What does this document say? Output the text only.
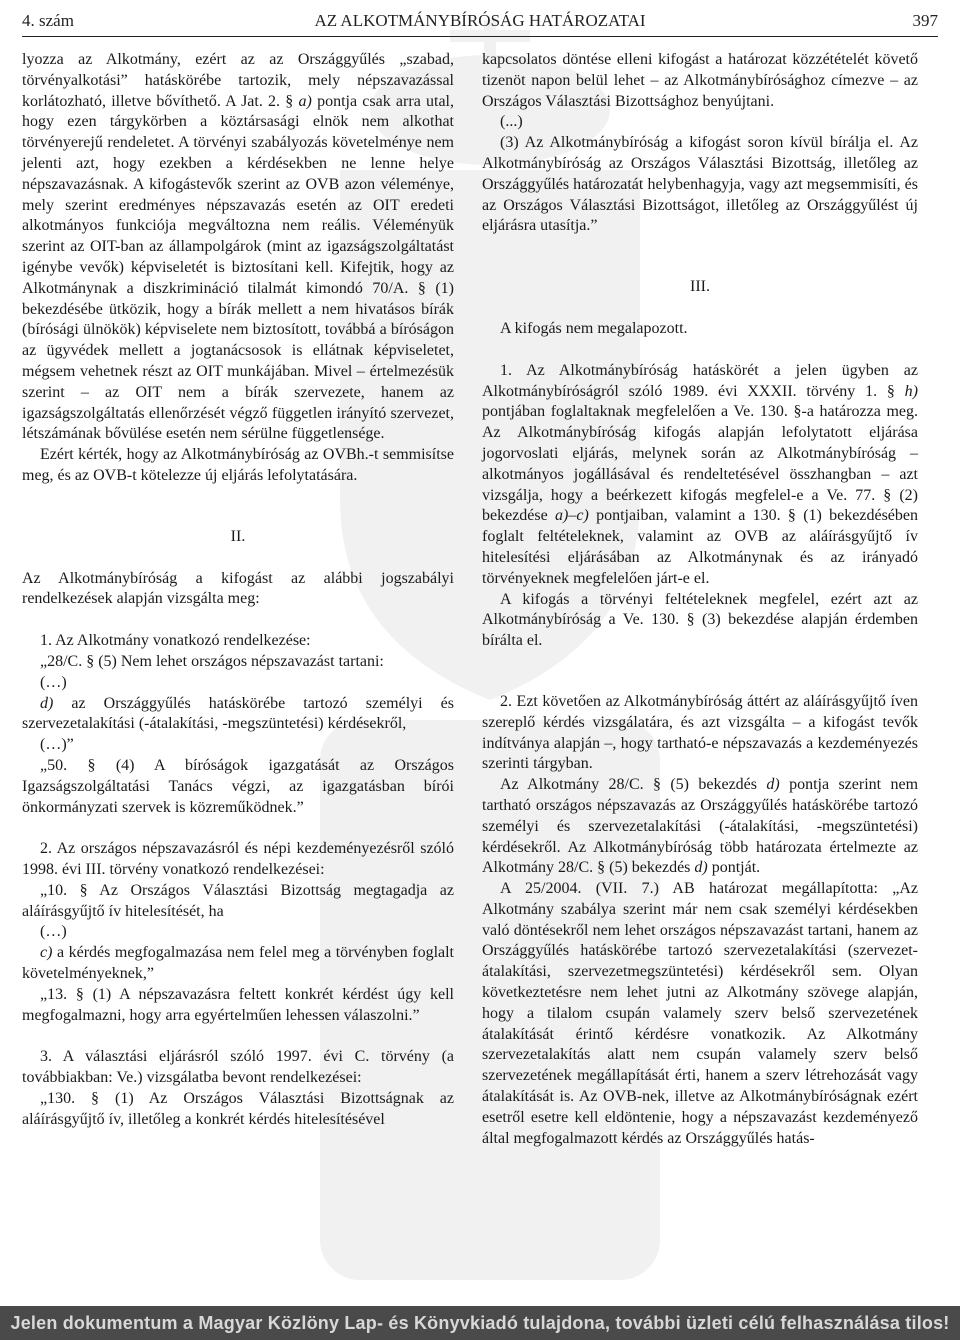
4. szám	AZ ALKOTMÁNYBÍRÓSÁG HATÁROZATAI	397

lyozza az Alkotmány, ezért az az Országgyűlés „szabad, törvényalkotási” hatáskörébe tartozik, mely népszavazással korlátozható, illetve bővíthető. A Jat. 2. § a) pontja csak arra utal, hogy ezen tárgykörben a köztársasági elnök nem alkothat törvényerejű rendeletet. A törvényi szabályozás követelménye nem jelenti azt, hogy ezekben a kérdésekben ne lenne helye népszavazásnak. A kifogástevők szerint az OVB azon véleménye, mely szerint eredményes népszavazás esetén az OIT eredeti alkotmányos funkciója megváltozna nem reális. Véleményük szerint az OIT-ban az állampolgárok (mint az igazságszolgáltatást igénybe vevők) képviseletét is biztosítani kell. Kifejtik, hogy az Alkotmánynak a diszkrimináció tilalmát kimondó 70/A. § (1) bekezdésébe ütközik, hogy a bírák mellett a nem hivatásos bírák (bírósági ülnökök) képviselete nem biztosított, továbbá a bíróságon az ügyvédek mellett a jogtanácsosok is ellátnak képviseletet, mégsem vehetnek részt az OIT munkájában. Mivel – értelmezésük szerint – az OIT nem a bírák szervezete, hanem az igazságszolgáltatás ellenőrzését végző független irányító szervezet, létszámának bővülése esetén nem sérülne függetlensége.

Ezért kérték, hogy az Alkotmánybíróság az OVBh.-t semmisítse meg, és az OVB-t kötelezze új eljárás lefolytatására.

II.

Az Alkotmánybíróság a kifogást az alábbi jogszabályi rendelkezések alapján vizsgálta meg:

1. Az Alkotmány vonatkozó rendelkezése:

„28/C. § (5) Nem lehet országos népszavazást tartani:

(…)

d) az Országgyűlés hatáskörébe tartozó személyi és szervezetalakítási (-átalakítási, -megszüntetési) kérdésekről,

(…)”

„50. § (4) A bíróságok igazgatását az Országos Igazságszolgáltatási Tanács végzi, az igazgatásban bírói önkormányzati szervek is közreműködnek.”

2. Az országos népszavazásról és népi kezdeményezésről szóló 1998. évi III. törvény vonatkozó rendelkezései:

„10. § Az Országos Választási Bizottság megtagadja az aláírásgyűjtő ív hitelesítését, ha

(…)

c) a kérdés megfogalmazása nem felel meg a törvényben foglalt követelményeknek,”

„13. § (1) A népszavazásra feltett konkrét kérdést úgy kell megfogalmazni, hogy arra egyértelműen lehessen válaszolni.”

3. A választási eljárásról szóló 1997. évi C. törvény (a továbbiakban: Ve.) vizsgálatba bevont rendelkezései:

„130. § (1) Az Országos Választási Bizottságnak az aláírásgyűjtő ív, illetőleg a konkrét kérdés hitelesítésével

kapcsolatos döntése elleni kifogást a határozat közzétételét követő tizenöt napon belül lehet – az Alkotmánybírósághoz címezve – az Országos Választási Bizottsághoz benyújtani.

(...)

(3) Az Alkotmánybíróság a kifogást soron kívül bírálja el. Az Alkotmánybíróság az Országos Választási Bizottság, illetőleg az Országgyűlés határozatát helybenhagyja, vagy azt megsemmisíti, és az Országos Választási Bizottságot, illetőleg az Országgyűlést új eljárásra utasítja.”

III.

A kifogás nem megalapozott.

1. Az Alkotmánybíróság hatáskörét a jelen ügyben az Alkotmánybíróságról szóló 1989. évi XXXII. törvény 1. § h) pontjában foglaltaknak megfelelően a Ve. 130. §-a határozza meg. Az Alkotmánybíróság kifogás alapján lefolytatott eljárása jogorvoslati eljárás, melynek során az Alkotmánybíróság – alkotmányos jogállásával és rendeltetésével összhangban – azt vizsgálja, hogy a beérkezett kifogás megfelel-e a Ve. 77. § (2) bekezdése a)–c) pontjaiban, valamint a 130. § (1) bekezdésében foglalt feltételeknek, valamint az OVB az aláírásgyűjtő ív hitelesítési eljárásában az Alkotmánynak és az irányadó törvényeknek megfelelően járt-e el.

A kifogás a törvényi feltételeknek megfelel, ezért azt az Alkotmánybíróság a Ve. 130. § (3) bekezdése alapján érdemben bírálta el.

2. Ezt követően az Alkotmánybíróság áttért az aláírásgyűjtő íven szereplő kérdés vizsgálatára, és azt vizsgálta – a kifogást tevők indítványa alapján –, hogy tartható-e népszavazás a kezdeményezés szerinti tárgyban.

Az Alkotmány 28/C. § (5) bekezdés d) pontja szerint nem tartható országos népszavazás az Országgyűlés hatáskörébe tartozó személyi és szervezetalakítási (-átalakítási, -megszüntetési) kérdésekről. Az Alkotmánybíróság több határozata értelmezte az Alkotmány 28/C. § (5) bekezdés d) pontját.

A 25/2004. (VII. 7.) AB határozat megállapította: „Az Alkotmány szabálya szerint már nem csak személyi kérdésekben való döntésekről nem lehet országos népszavazást tartani, hanem az Országgyűlés hatáskörébe tartozó szervezetalakítási (szervezet-átalakítási, szervezetmegszüntetési) kérdésekről sem. Olyan következtetésre nem lehet jutni az Alkotmány szövege alapján, hogy a tilalom csupán valamely szerv belső szervezetének átalakítását érintő kérdésre vonatkozik. Az Alkotmány szervezetalakítás alatt nem csupán valamely szerv belső szervezetének megállapítását érti, hanem a szerv létrehozását vagy átalakítását is. Az OVB-nek, illetve az Alkotmánybíróságnak ezért esetről esetre kell eldöntenie, hogy a népszavazást kezdeményező által megfogalmazott kérdés az Országgyűlés hatás-

Jelen dokumentum a Magyar Közlöny Lap- és Könyvkiadó tulajdona, további üzleti célú felhasználása tilos!
